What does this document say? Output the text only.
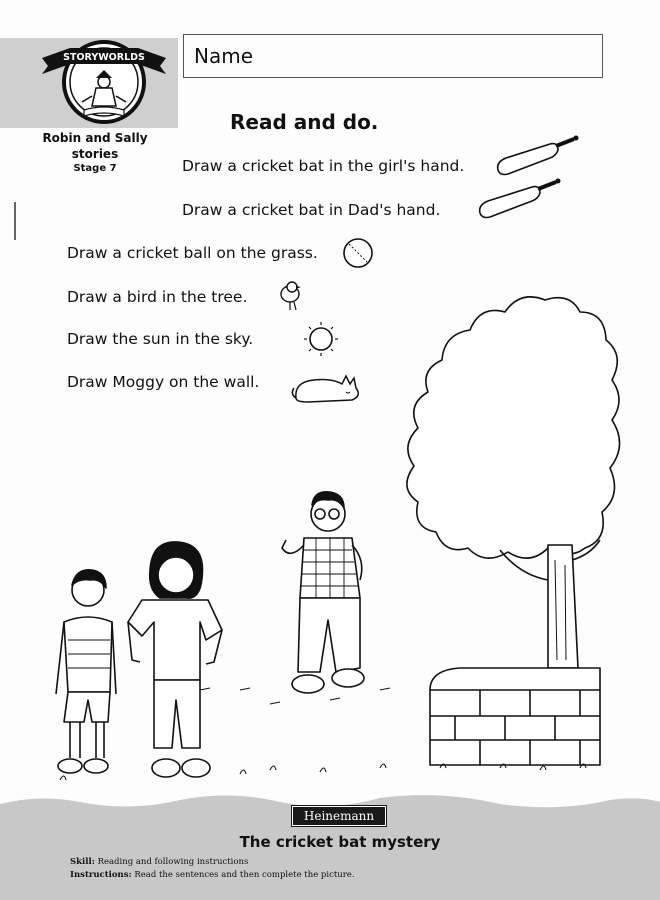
STORYWORLDS
Robin and Sally
stories
Stage 7
Name
Read and do.
Draw a cricket bat in the girl's hand.
Draw a cricket bat in Dad's hand.
Draw a cricket ball on the grass.
Draw a bird in the tree.
Draw the sun in the sky.
Draw Moggy on the wall.
Heinemann
The cricket bat mystery
Skill: Reading and following instructions
Instructions: Read the sentences and then complete the picture.
